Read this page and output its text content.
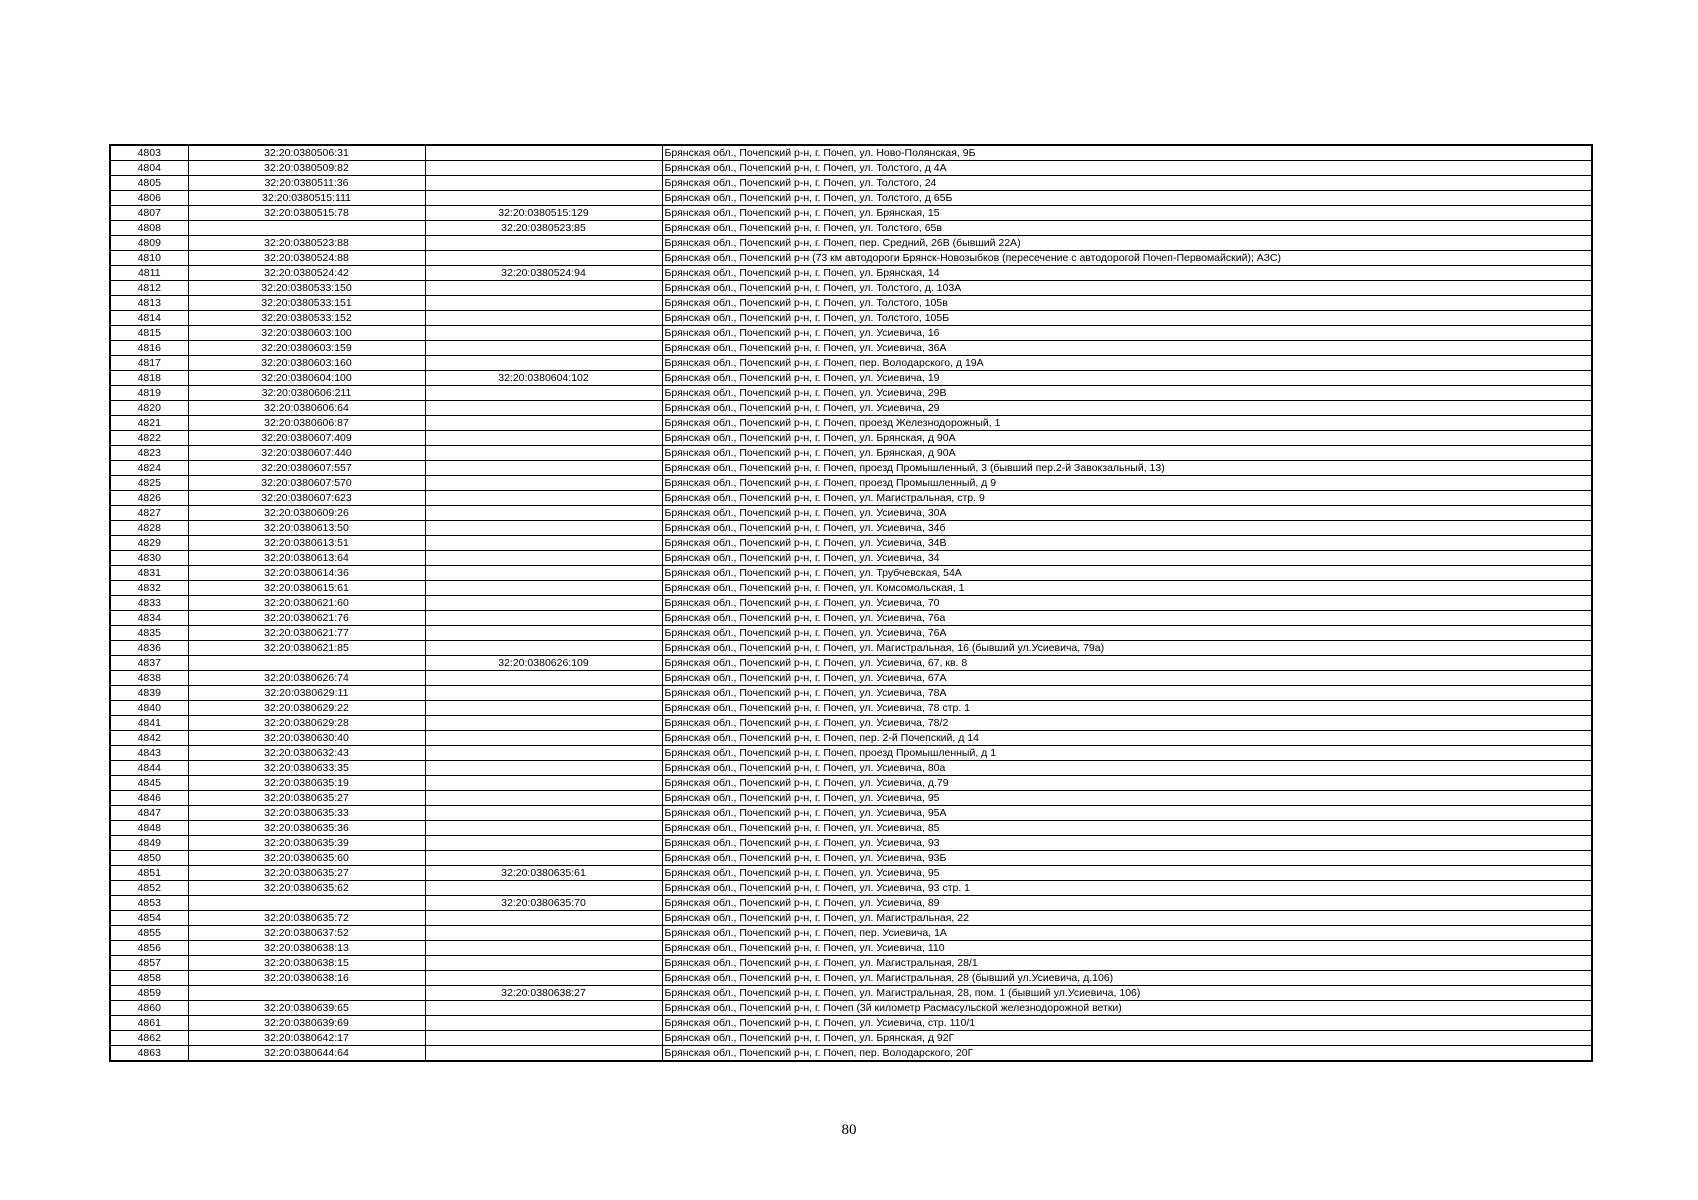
4803	32:20:0380506:31		Брянская обл., Почепский р-н, г. Почеп, ул. Ново-Полянская, 9Б
4804	32:20:0380509:82		Брянская обл., Почепский р-н, г. Почеп, ул. Толстого, д 4А
4805	32:20:0380511:36		Брянская обл., Почепский р-н, г. Почеп, ул. Толстого, 24
4806	32:20:0380515:111		Брянская обл., Почепский р-н, г. Почеп, ул. Толстого, д 65Б
4807	32:20:0380515:78	32:20:0380515:129	Брянская обл., Почепский р-н, г. Почеп, ул. Брянская, 15
4808		32:20:0380523:85	Брянская обл., Почепский р-н, г. Почеп, ул. Толстого, 65в
4809	32:20:0380523:88		Брянская обл., Почепский р-н, г. Почеп, пер. Средний, 26В (бывший 22А)
4810	32:20:0380524:88		Брянская обл., Почепский р-н (73 км автодороги Брянск-Новозыбков (пересечение с автодорогой Почеп-Первомайский); АЗС)
4811	32:20:0380524:42	32:20:0380524:94	Брянская обл., Почепский р-н, г. Почеп, ул. Брянская, 14
4812	32:20:0380533:150		Брянская обл., Почепский р-н, г. Почеп, ул. Толстого, д. 103А
4813	32:20:0380533:151		Брянская обл., Почепский р-н, г. Почеп, ул. Толстого, 105в
4814	32:20:0380533:152		Брянская обл., Почепский р-н, г. Почеп, ул. Толстого, 105Б
4815	32:20:0380603:100		Брянская обл., Почепский р-н, г. Почеп, ул. Усиевича, 16
4816	32:20:0380603:159		Брянская обл., Почепский р-н, г. Почеп, ул. Усиевича, 36А
4817	32:20:0380603:160		Брянская обл., Почепский р-н, г. Почеп, пер. Володарского, д 19А
4818	32:20:0380604:100	32:20:0380604:102	Брянская обл., Почепский р-н, г. Почеп, ул. Усиевича, 19
4819	32:20:0380606:211		Брянская обл., Почепский р-н, г. Почеп, ул. Усиевича, 29В
4820	32:20:0380606:64		Брянская обл., Почепский р-н, г. Почеп, ул. Усиевича, 29
4821	32:20:0380606:87		Брянская обл., Почепский р-н, г. Почеп, проезд Железнодорожный, 1
4822	32:20:0380607:409		Брянская обл., Почепский р-н, г. Почеп, ул. Брянская, д 90А
4823	32:20:0380607:440		Брянская обл., Почепский р-н, г. Почеп, ул. Брянская, д 90А
4824	32:20:0380607:557		Брянская обл., Почепский р-н, г. Почеп, проезд Промышленный, 3 (бывший пер.2-й Завокзальный, 13)
4825	32:20:0380607:570		Брянская обл., Почепский р-н, г. Почеп, проезд Промышленный, д 9
4826	32:20:0380607:623		Брянская обл., Почепский р-н, г. Почеп, ул. Магистральная, стр. 9
4827	32:20:0380609:26		Брянская обл., Почепский р-н, г. Почеп, ул. Усиевича, 30А
4828	32:20:0380613:50		Брянская обл., Почепский р-н, г. Почеп, ул. Усиевича, 34б
4829	32:20:0380613:51		Брянская обл., Почепский р-н, г. Почеп, ул. Усиевича, 34В
4830	32:20:0380613:64		Брянская обл., Почепский р-н, г. Почеп, ул. Усиевича, 34
4831	32:20:0380614:36		Брянская обл., Почепский р-н, г. Почеп, ул. Трубчевская, 54А
4832	32:20:0380615:61		Брянская обл., Почепский р-н, г. Почеп, ул. Комсомольская, 1
4833	32:20:0380621:60		Брянская обл., Почепский р-н, г. Почеп, ул. Усиевича, 70
4834	32:20:0380621:76		Брянская обл., Почепский р-н, г. Почеп, ул. Усиевича, 76а
4835	32:20:0380621:77		Брянская обл., Почепский р-н, г. Почеп, ул. Усиевича, 76А
4836	32:20:0380621:85		Брянская обл., Почепский р-н, г. Почеп, ул. Магистральная, 16 (бывший ул.Усиевича, 79а)
4837		32:20:0380626:109	Брянская обл., Почепский р-н, г. Почеп, ул. Усиевича, 67, кв. 8
4838	32:20:0380626:74		Брянская обл., Почепский р-н, г. Почеп, ул. Усиевича, 67А
4839	32:20:0380629:11		Брянская обл., Почепский р-н, г. Почеп, ул. Усиевича, 78А
4840	32:20:0380629:22		Брянская обл., Почепский р-н, г. Почеп, ул. Усиевича, 78 стр. 1
4841	32:20:0380629:28		Брянская обл., Почепский р-н, г. Почеп, ул. Усиевича, 78/2
4842	32:20:0380630:40		Брянская обл., Почепский р-н, г. Почеп, пер. 2-й Почепский, д 14
4843	32:20:0380632:43		Брянская обл., Почепский р-н, г. Почеп, проезд Промышленный, д 1
4844	32:20:0380633:35		Брянская обл., Почепский р-н, г. Почеп, ул. Усиевича, 80а
4845	32:20:0380635:19		Брянская обл., Почепский р-н, г. Почеп, ул. Усиевича, д.79
4846	32:20:0380635:27		Брянская обл., Почепский р-н, г. Почеп, ул. Усиевича, 95
4847	32:20:0380635:33		Брянская обл., Почепский р-н, г. Почеп, ул. Усиевича, 95А
4848	32:20:0380635:36		Брянская обл., Почепский р-н, г. Почеп, ул. Усиевича, 85
4849	32:20:0380635:39		Брянская обл., Почепский р-н, г. Почеп, ул. Усиевича, 93
4850	32:20:0380635:60		Брянская обл., Почепский р-н, г. Почеп, ул. Усиевича, 93Б
4851	32:20:0380635:27	32:20:0380635:61	Брянская обл., Почепский р-н, г. Почеп, ул. Усиевича, 95
4852	32:20:0380635:62		Брянская обл., Почепский р-н, г. Почеп, ул. Усиевича, 93 стр. 1
4853		32:20:0380635:70	Брянская обл., Почепский р-н, г. Почеп, ул. Усиевича, 89
4854	32:20:0380635:72		Брянская обл., Почепский р-н, г. Почеп, ул. Магистральная, 22
4855	32:20:0380637:52		Брянская обл., Почепский р-н, г. Почеп, пер. Усиевича, 1А
4856	32:20:0380638:13		Брянская обл., Почепский р-н, г. Почеп, ул. Усиевича, 110
4857	32:20:0380638:15		Брянская обл., Почепский р-н, г. Почеп, ул. Магистральная, 28/1
4858	32:20:0380638:16		Брянская обл., Почепский р-н, г. Почеп, ул. Магистральная, 28 (бывший ул.Усиевича, д.106)
4859		32:20:0380638:27	Брянская обл., Почепский р-н, г. Почеп, ул. Магистральная, 28, пом. 1 (бывший ул.Усиевича, 106)
4860	32:20:0380639:65		Брянская обл., Почепский р-н, г. Почеп (3й километр Расмасульской железнодорожной ветки)
4861	32:20:0380639:69		Брянская обл., Почепский р-н, г. Почеп, ул. Усиевича, стр. 110/1
4862	32:20:0380642:17		Брянская обл., Почепский р-н, г. Почеп, ул. Брянская, д 92Г
4863	32:20:0380644:64		Брянская обл., Почепский р-н, г. Почеп, пер. Володарского, 20Г
80
